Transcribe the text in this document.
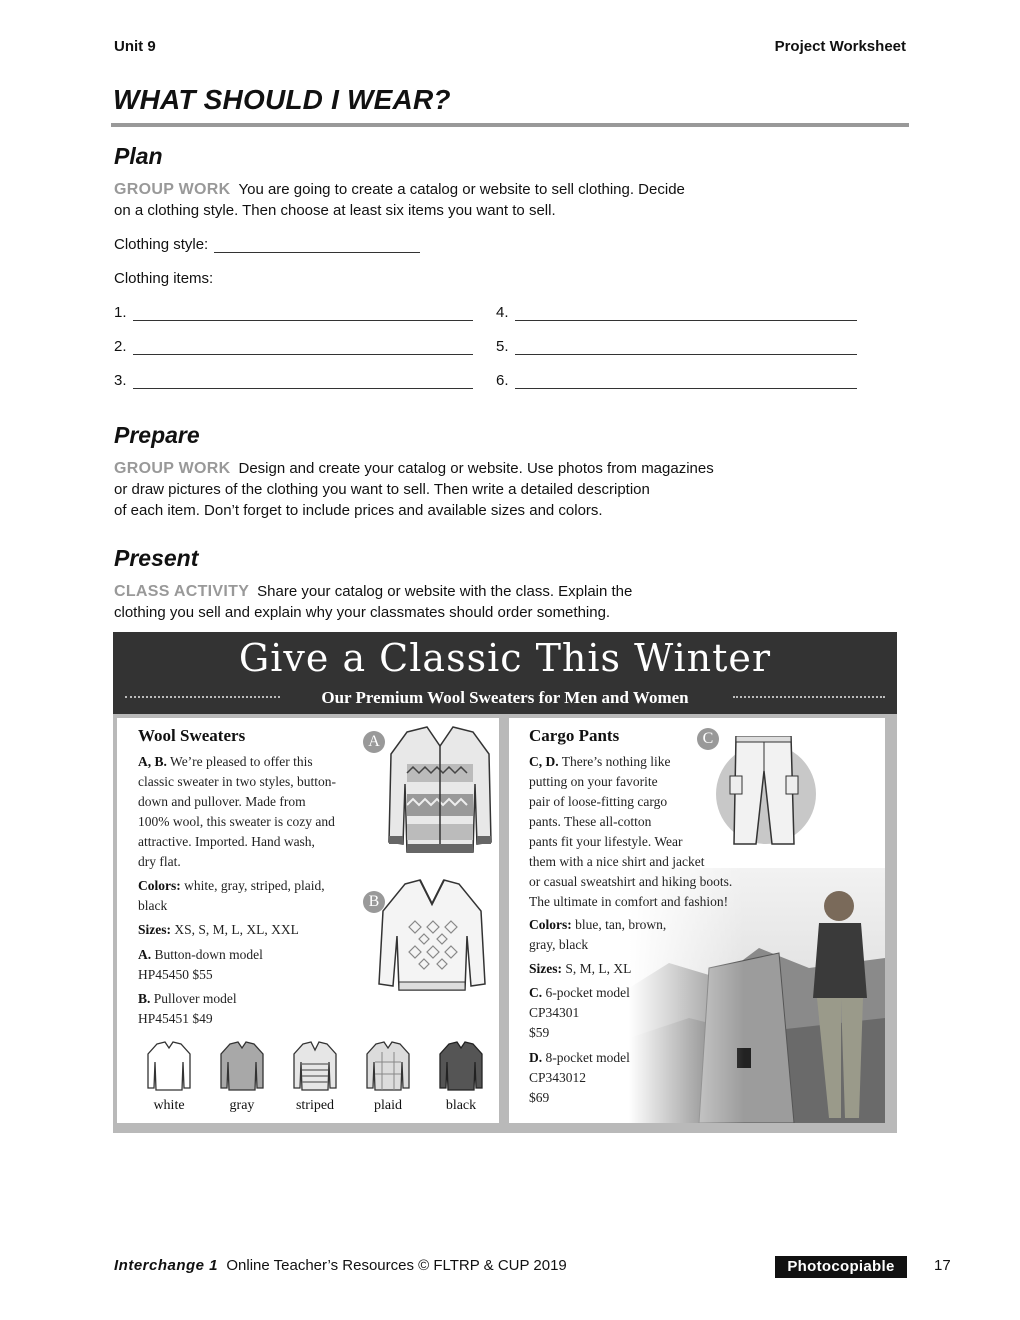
Unit 9	Project Worksheet
WHAT SHOULD I WEAR?
Plan
GROUP WORK You are going to create a catalog or website to sell clothing. Decide
on a clothing style. Then choose at least six items you want to sell.
Clothing style:
Clothing items:
1.
2.
3.
4.
5.
6.
Prepare
GROUP WORK Design and create your catalog or website. Use photos from magazines
or draw pictures of the clothing you want to sell. Then write a detailed description
of each item. Don’t forget to include prices and available sizes and colors.
Present
CLASS ACTIVITY Share your catalog or website with the class. Explain the
clothing you sell and explain why your classmates should order something.
Give a Classic This Winter
Our Premium Wool Sweaters for Men and Women
Wool Sweaters
A, B. We’re pleased to offer this
classic sweater in two styles, button-
down and pullover. Made from
100% wool, this sweater is cozy and
attractive. Imported. Hand wash,
dry flat.
Colors: white, gray, striped, plaid,
black
Sizes: XS, S, M, L, XL, XXL
A. Button-down model
HP45450 $55
B. Pullover model
HP45451 $49
A
B
white	gray	striped	plaid	black
Cargo Pants	C
C, D. There’s nothing like
putting on your favorite
pair of loose-fitting cargo
pants. These all-cotton
pants fit your lifestyle. Wear
them with a nice shirt and jacket
or casual sweatshirt and hiking boots.
The ultimate in comfort and fashion!
Colors: blue, tan, brown,
gray, black
Sizes: S, M, L, XL
C. 6-pocket model
CP34301
$59
D. 8-pocket model
CP343012
$69
Interchange 1 Online Teacher’s Resources © FLTRP & CUP 2019	Photocopiable	17
